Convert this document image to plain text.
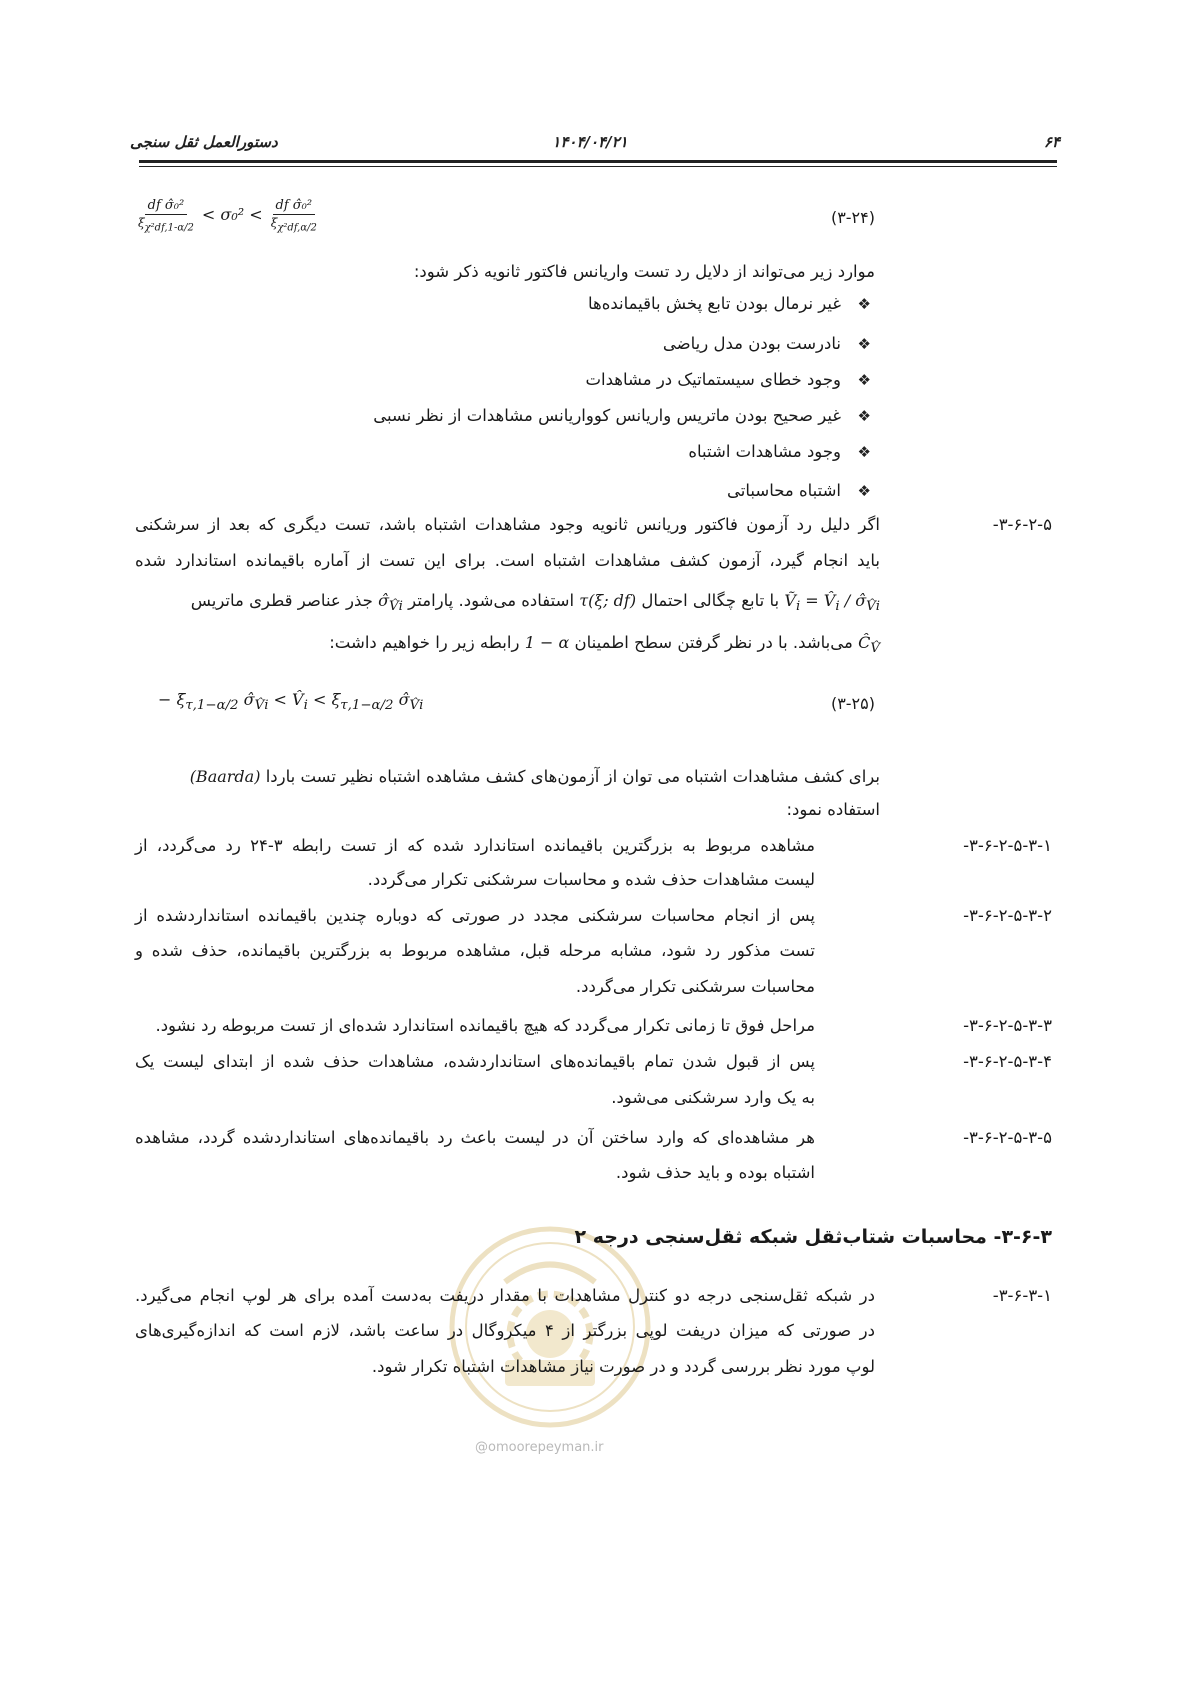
دستورالعمل ثقل سنجی	۱۴۰۴/۰۴/۲۱	۶۴
$\frac{\text{df σ̂₀²}}{\xi_{\chi^2df,1-\alpha/2}} < \sigma_0^2 < \frac{\text{df σ̂₀²}}{\xi_{\chi^2df,\alpha/2}}$	(۳-۲۴)
موارد زیر می‌تواند از دلایل رد تست واریانس فاکتور ثانویه ذکر شود:
❖غیر نرمال بودن تابع پخش باقیمانده‌ها
❖نادرست بودن مدل ریاضی
❖وجود خطای سیستماتیک در مشاهدات
❖غیر صحیح بودن ماتریس واریانس کوواریانس مشاهدات از نظر نسبی
❖وجود مشاهدات اشتباه
❖اشتباه محاسباتی
۳-۶-۲-۵-
اگر دلیل رد آزمون فاکتور وریانس ثانویه وجود مشاهدات اشتباه باشد، تست دیگری که بعد از سرشکنی
باید انجام گیرد، آزمون کشف مشاهدات اشتباه است. برای این تست از آماره باقیمانده استاندارد شده
Ṽ$_i$ = $V̂_i$ / $\sigmâ_{V̂i}$ با تابع چگالی احتمال τ(ξ; df) استفاده می‌شود. پارامتر $\sigmâ_{V̂i}$ جذر عناصر قطری ماتریس
$Ĉ_{V̂}$ می‌باشد. با در نظر گرفتن سطح اطمینان 1 − α رابطه زیر را خواهیم داشت:
− $\xi_{\tau,1-\alpha/2}$ $\sigmâ_{V̂i}$ < $V̂_i < \xi_{\tau,1-\alpha/2}$ $\sigmâ_{V̂i}$	(۳-۲۵)
برای کشف مشاهدات اشتباه می توان از آزمون‌های کشف مشاهده اشتباه نظیر تست باردا (Baarda)
استفاده نمود:
۳-۶-۲-۵-۳-۱-
مشاهده مربوط به بزرگترین باقیمانده استاندارد شده که از تست رابطه ۳-۲۴ رد می‌گردد، از
لیست مشاهدات حذف شده و محاسبات سرشکنی تکرار می‌گردد.
۳-۶-۲-۵-۳-۲-
پس از انجام محاسبات سرشکنی مجدد در صورتی که دوباره چندین باقیمانده استانداردشده از
تست مذکور رد شود، مشابه مرحله قبل، مشاهده مربوط به بزرگترین باقیمانده، حذف شده و
محاسبات سرشکنی تکرار می‌گردد.
۳-۶-۲-۵-۳-۳-
مراحل فوق تا زمانی تکرار می‌گردد که هیچ باقیمانده استاندارد شده‌ای از تست مربوطه رد نشود.
۳-۶-۲-۵-۳-۴-
پس از قبول شدن تمام باقیمانده‌های استانداردشده، مشاهدات حذف شده از ابتدای لیست یک
به یک وارد سرشکنی می‌شود.
۳-۶-۲-۵-۳-۵-
هر مشاهده‌ای که وارد ساختن آن در لیست باعث رد باقیمانده‌های استانداردشده گردد، مشاهده
اشتباه بوده و باید حذف شود.
۳-۶-۳- محاسبات شتاب‌ثقل شبکه ثقل‌سنجی درجه ۲
۳-۶-۳-۱-
در شبکه ثقل‌سنجی درجه دو کنترل مشاهدات با مقدار دریفت به‌دست آمده برای هر لوپ انجام می‌گیرد.
در صورتی که میزان دریفت لوپی بزرگتر از ۴ میکروگال در ساعت باشد، لازم است که اندازه‌گیری‌های
لوپ مورد نظر بررسی گردد و در صورت نیاز مشاهدات اشتباه تکرار شود.
@omoorepeyman.ir
